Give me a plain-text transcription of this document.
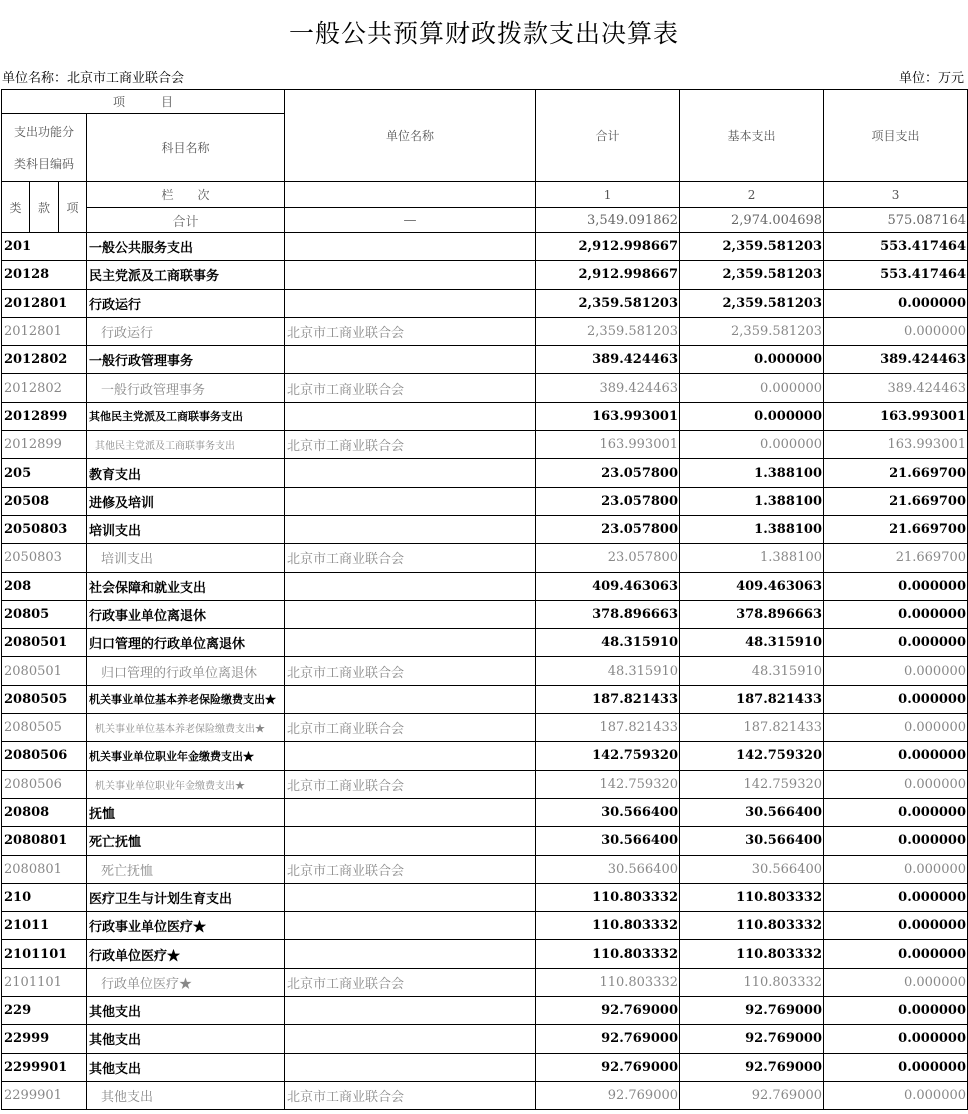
一般公共预算财政拨款支出决算表
单位名称：北京市工商业联合会	单位：万元
项　　　目				单位名称	合计	基本支出	项目支出

支出功能分
类科目编码			科目名称				
类	款	项	栏　　次		1	2	3
			合计	—	3,549.091862	2,974.004698	575.087164
201			一般公共服务支出		2,912.998667	2,359.581203	553.417464
20128			民主党派及工商联事务		2,912.998667	2,359.581203	553.417464
2012801			行政运行		2,359.581203	2,359.581203	0.000000
2012801			行政运行	北京市工商业联合会	2,359.581203	2,359.581203	0.000000
2012802			一般行政管理事务		389.424463	0.000000	389.424463
2012802			一般行政管理事务	北京市工商业联合会	389.424463	0.000000	389.424463
2012899			其他民主党派及工商联事务支出		163.993001	0.000000	163.993001
2012899			其他民主党派及工商联事务支出	北京市工商业联合会	163.993001	0.000000	163.993001
205			教育支出		23.057800	1.388100	21.669700
20508			进修及培训		23.057800	1.388100	21.669700
2050803			培训支出		23.057800	1.388100	21.669700
2050803			培训支出	北京市工商业联合会	23.057800	1.388100	21.669700
208			社会保障和就业支出		409.463063	409.463063	0.000000
20805			行政事业单位离退休		378.896663	378.896663	0.000000
2080501			归口管理的行政单位离退休		48.315910	48.315910	0.000000
2080501			归口管理的行政单位离退休	北京市工商业联合会	48.315910	48.315910	0.000000
2080505			机关事业单位基本养老保险缴费支出★		187.821433	187.821433	0.000000
2080505			机关事业单位基本养老保险缴费支出★	北京市工商业联合会	187.821433	187.821433	0.000000
2080506			机关事业单位职业年金缴费支出★		142.759320	142.759320	0.000000
2080506			机关事业单位职业年金缴费支出★	北京市工商业联合会	142.759320	142.759320	0.000000
20808			抚恤		30.566400	30.566400	0.000000
2080801			死亡抚恤		30.566400	30.566400	0.000000
2080801			死亡抚恤	北京市工商业联合会	30.566400	30.566400	0.000000
210			医疗卫生与计划生育支出		110.803332	110.803332	0.000000
21011			行政事业单位医疗★		110.803332	110.803332	0.000000
2101101			行政单位医疗★		110.803332	110.803332	0.000000
2101101			行政单位医疗★	北京市工商业联合会	110.803332	110.803332	0.000000
229			其他支出		92.769000	92.769000	0.000000
22999			其他支出		92.769000	92.769000	0.000000
2299901			其他支出		92.769000	92.769000	0.000000
2299901			其他支出	北京市工商业联合会	92.769000	92.769000	0.000000
